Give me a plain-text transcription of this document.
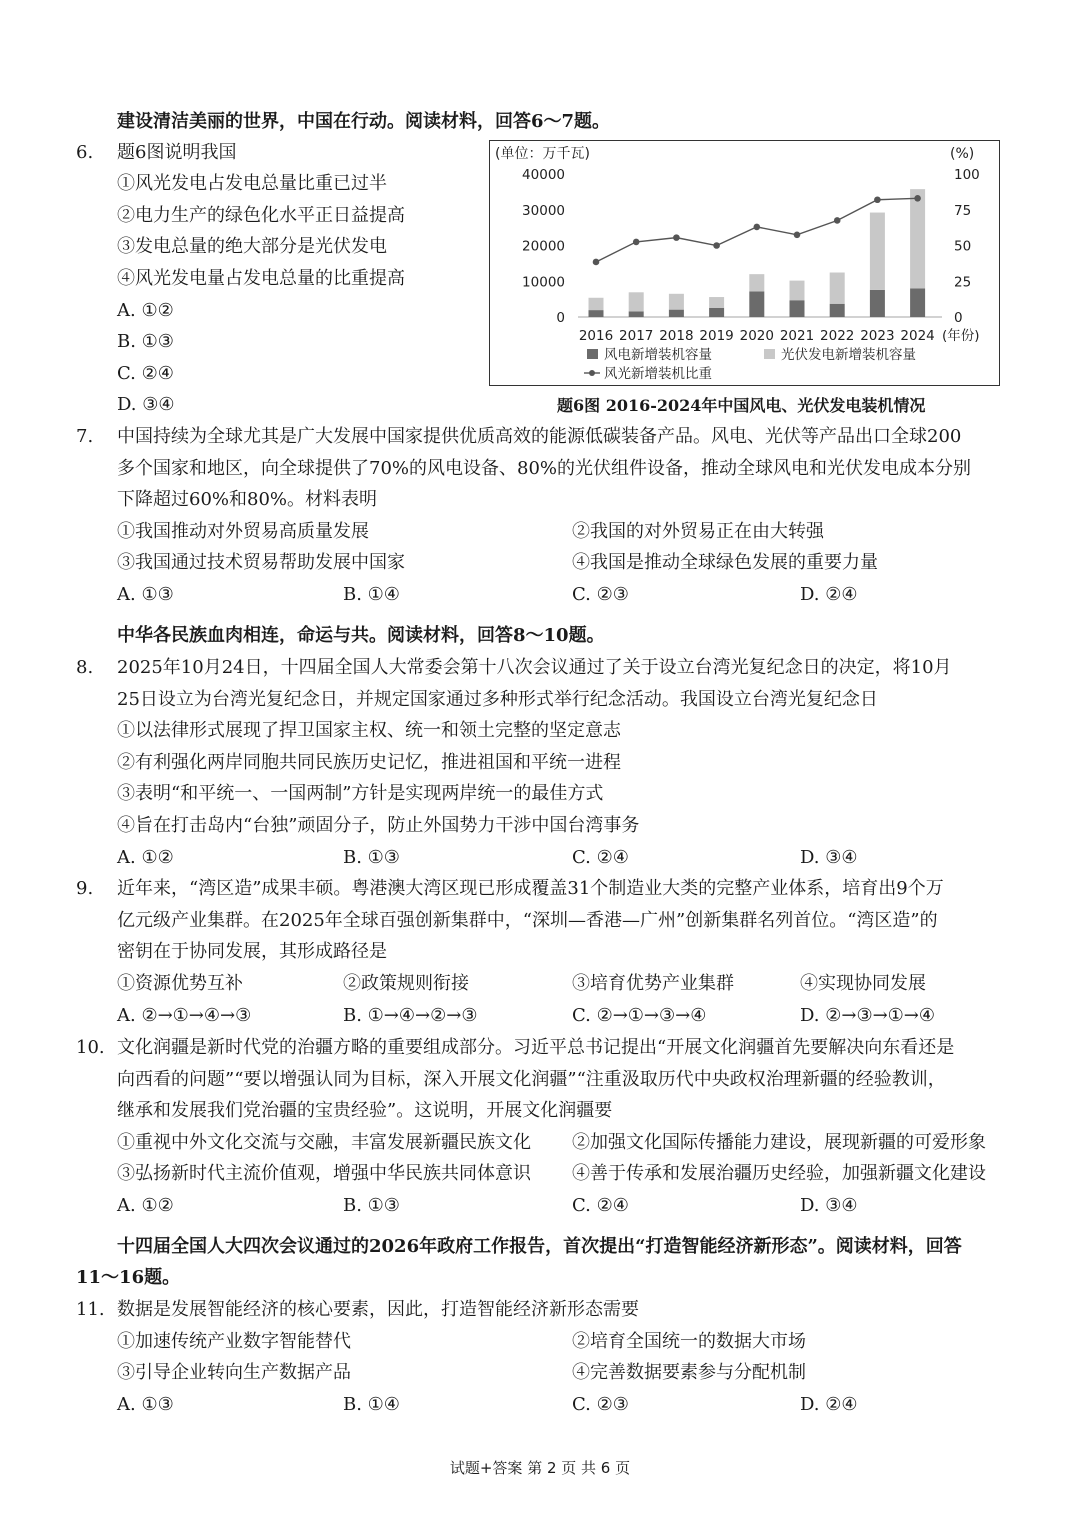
建设清洁美丽的世界，中国在行动。阅读材料，回答6～7题。
6. 题6图说明我国
①风光发电占发电总量比重已过半
②电力生产的绿色化水平正日益提高
③发电总量的绝大部分是光伏发电
④风光发电量占发电总量的比重提高
A. ①②
B. ①③
C. ②④
D. ③④
(单位：万千瓦)	(%)
40000
30000
20000
10000
0
100
75
50
25
0
2016 2017 2018 2019 2020 2021 2022 2023 2024 (年份)
风电新增装机容量	光伏发电新增装机容量
风光新增装机比重
题6图 2016-2024年中国风电、光伏发电装机情况
7. 中国持续为全球尤其是广大发展中国家提供优质高效的能源低碳装备产品。风电、光伏等产品出口全球200
多个国家和地区，向全球提供了70%的风电设备、80%的光伏组件设备，推动全球风电和光伏发电成本分别
下降超过60%和80%。材料表明
①我国推动对外贸易高质量发展	②我国的对外贸易正在由大转强
③我国通过技术贸易帮助发展中国家	④我国是推动全球绿色发展的重要力量
A. ①③	B. ①④	C. ②③	D. ②④
中华各民族血肉相连，命运与共。阅读材料，回答8～10题。
8. 2025年10月24日，十四届全国人大常委会第十八次会议通过了关于设立台湾光复纪念日的决定，将10月
25日设立为台湾光复纪念日，并规定国家通过多种形式举行纪念活动。我国设立台湾光复纪念日
①以法律形式展现了捍卫国家主权、统一和领土完整的坚定意志
②有利强化两岸同胞共同民族历史记忆，推进祖国和平统一进程
③表明“和平统一、一国两制”方针是实现两岸统一的最佳方式
④旨在打击岛内“台独”顽固分子，防止外国势力干涉中国台湾事务
A. ①②	B. ①③	C. ②④	D. ③④
9. 近年来，“湾区造”成果丰硕。粤港澳大湾区现已形成覆盖31个制造业大类的完整产业体系，培育出9个万
亿元级产业集群。在2025年全球百强创新集群中，“深圳—香港—广州”创新集群名列首位。“湾区造”的
密钥在于协同发展，其形成路径是
①资源优势互补	②政策规则衔接	③培育优势产业集群	④实现协同发展
A. ②→①→④→③	B. ①→④→②→③	C. ②→①→③→④	D. ②→③→①→④
10. 文化润疆是新时代党的治疆方略的重要组成部分。习近平总书记提出“开展文化润疆首先要解决向东看还是
向西看的问题”“要以增强认同为目标，深入开展文化润疆”“注重汲取历代中央政权治理新疆的经验教训，
继承和发展我们党治疆的宝贵经验”。这说明，开展文化润疆要
①重视中外文化交流与交融，丰富发展新疆民族文化 ②加强文化国际传播能力建设，展现新疆的可爱形象
③弘扬新时代主流价值观，增强中华民族共同体意识 ④善于传承和发展治疆历史经验，加强新疆文化建设
A. ①②	B. ①③	C. ②④	D. ③④
十四届全国人大四次会议通过的2026年政府工作报告，首次提出“打造智能经济新形态”。阅读材料，回答
11～16题。
11. 数据是发展智能经济的核心要素，因此，打造智能经济新形态需要
①加速传统产业数字智能替代	②培育全国统一的数据大市场
③引导企业转向生产数据产品	④完善数据要素参与分配机制
A. ①③	B. ①④	C. ②③	D. ②④
试题+答案 第 2 页 共 6 页
